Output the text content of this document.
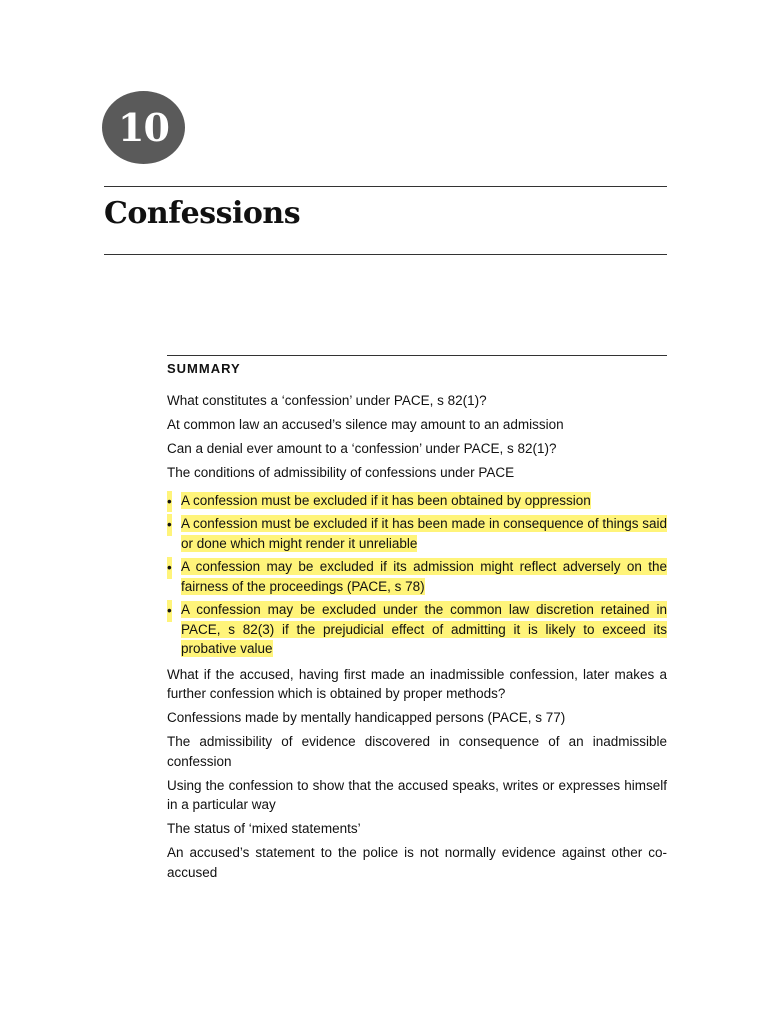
10
Confessions
SUMMARY

What constitutes a ‘confession’ under PACE, s 82(1)?

At common law an accused’s silence may amount to an admission

Can a denial ever amount to a ‘confession’ under PACE, s 82(1)?

The conditions of admissibility of confessions under PACE

• A confession must be excluded if it has been obtained by oppression
• A confession must be excluded if it has been made in consequence of things said or done which might render it unreliable
• A confession may be excluded if its admission might reflect adversely on the fairness of the proceedings (PACE, s 78)
• A confession may be excluded under the common law discretion retained in PACE, s 82(3) if the prejudicial effect of admitting it is likely to exceed its probative value

What if the accused, having first made an inadmissible confession, later makes a further confession which is obtained by proper methods?

Confessions made by mentally handicapped persons (PACE, s 77)

The admissibility of evidence discovered in consequence of an inadmissible confession

Using the confession to show that the accused speaks, writes or expresses himself in a particular way

The status of ‘mixed statements’

An accused’s statement to the police is not normally evidence against other co-accused
